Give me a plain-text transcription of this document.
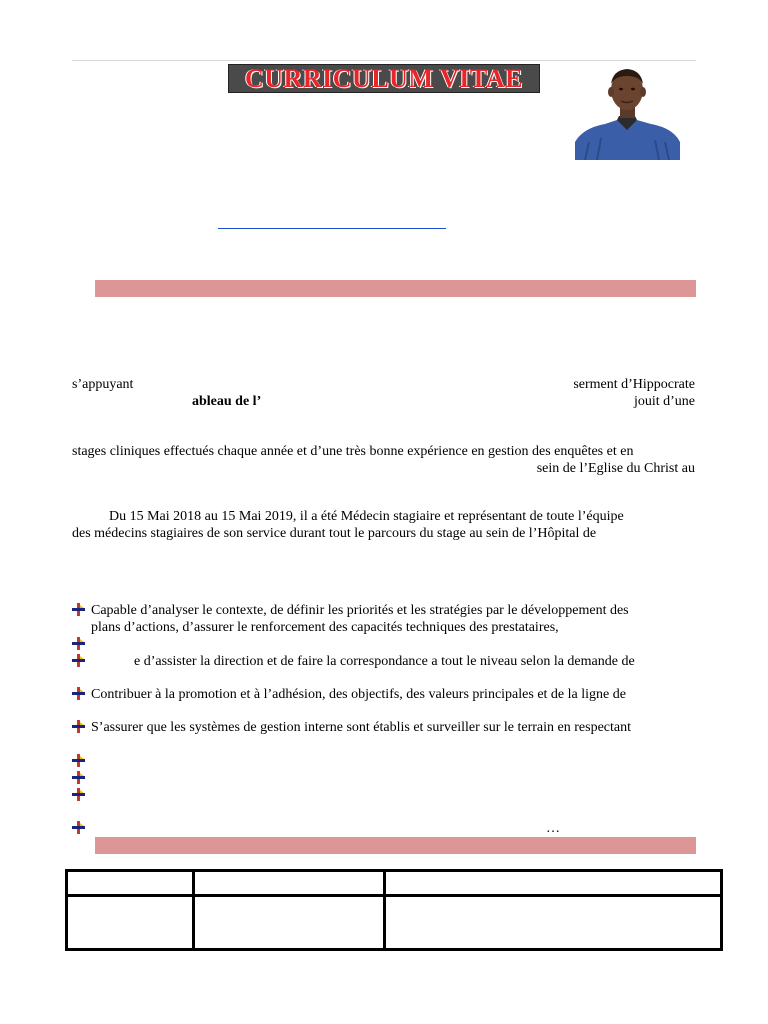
CURRICULUM VITAE
s’appuyant	serment d’Hippocrate
ableau de l’	jouit d’une
stages cliniques effectués chaque année et d’une très bonne expérience en gestion des enquêtes et en
sein de l’Eglise du Christ au
Du 15 Mai 2018 au 15 Mai 2019, il a été Médecin stagiaire et représentant de toute l’équipe
des médecins stagiaires de son service durant tout le parcours du stage au sein de l’Hôpital de
Capable d’analyser le contexte, de définir les priorités et les stratégies par le développement des
plans d’actions, d’assurer le renforcement des capacités techniques des prestataires,
e d’assister la direction et de faire la correspondance a tout le niveau selon la demande de
Contribuer à la promotion et à l’adhésion, des objectifs, des valeurs principales et de la ligne de
S’assurer que les systèmes de gestion interne sont établis et surveiller sur le terrain en respectant
…
